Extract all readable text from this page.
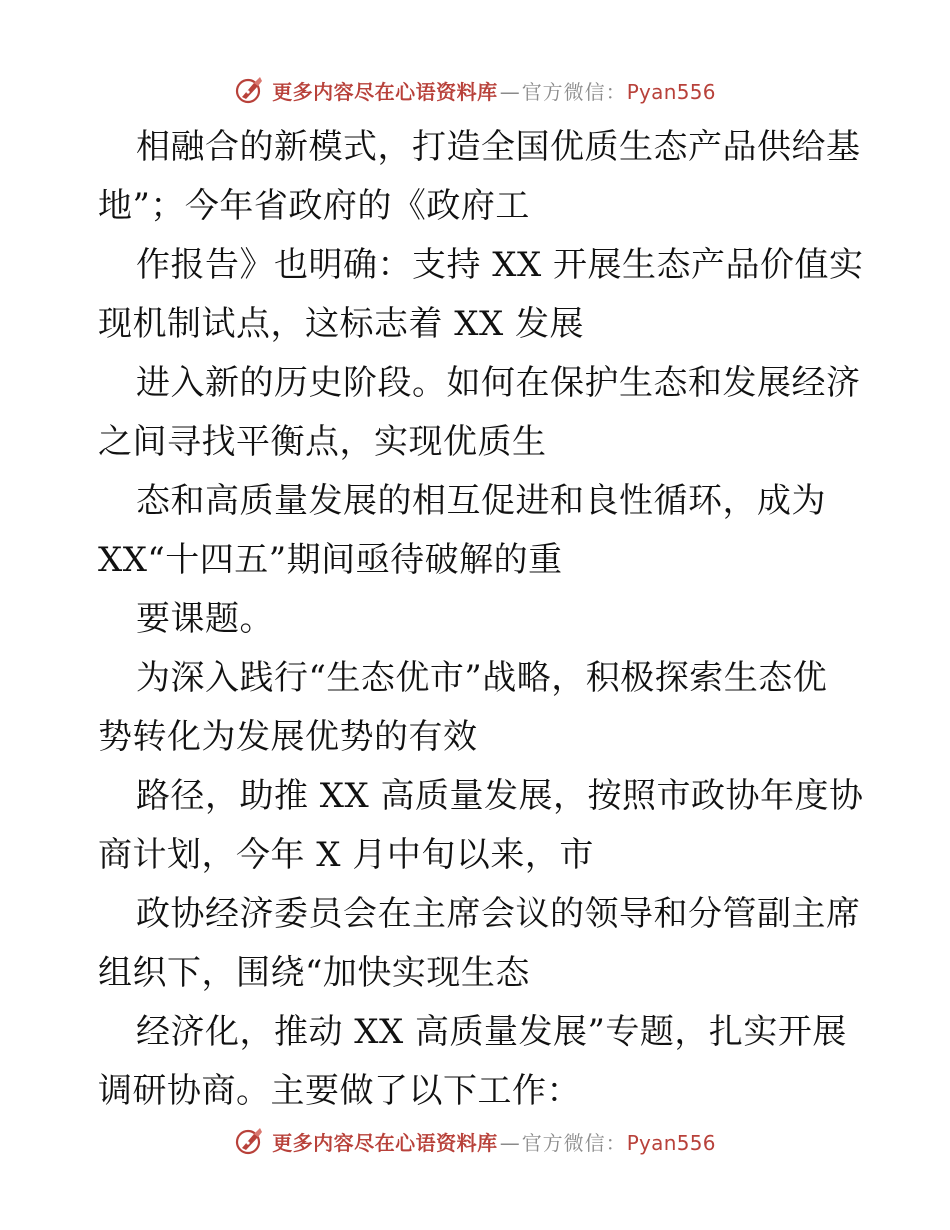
更多内容尽在心语资料库 — 官方微信： Pyan556
相融合的新模式，打造全国优质生态产品供给基
地”；今年省政府的《政府工
作报告》也明确：支持 XX 开展生态产品价值实
现机制试点，这标志着 XX 发展
进入新的历史阶段。如何在保护生态和发展经济
之间寻找平衡点，实现优质生
态和高质量发展的相互促进和良性循环，成为
XX“十四五”期间亟待破解的重
要课题。
为深入践行“生态优市”战略，积极探索生态优
势转化为发展优势的有效
路径，助推 XX 高质量发展，按照市政协年度协
商计划，今年 X 月中旬以来，市
政协经济委员会在主席会议的领导和分管副主席
组织下，围绕“加快实现生态
经济化，推动 XX 高质量发展”专题，扎实开展
调研协商。主要做了以下工作：
更多内容尽在心语资料库 — 官方微信： Pyan556
